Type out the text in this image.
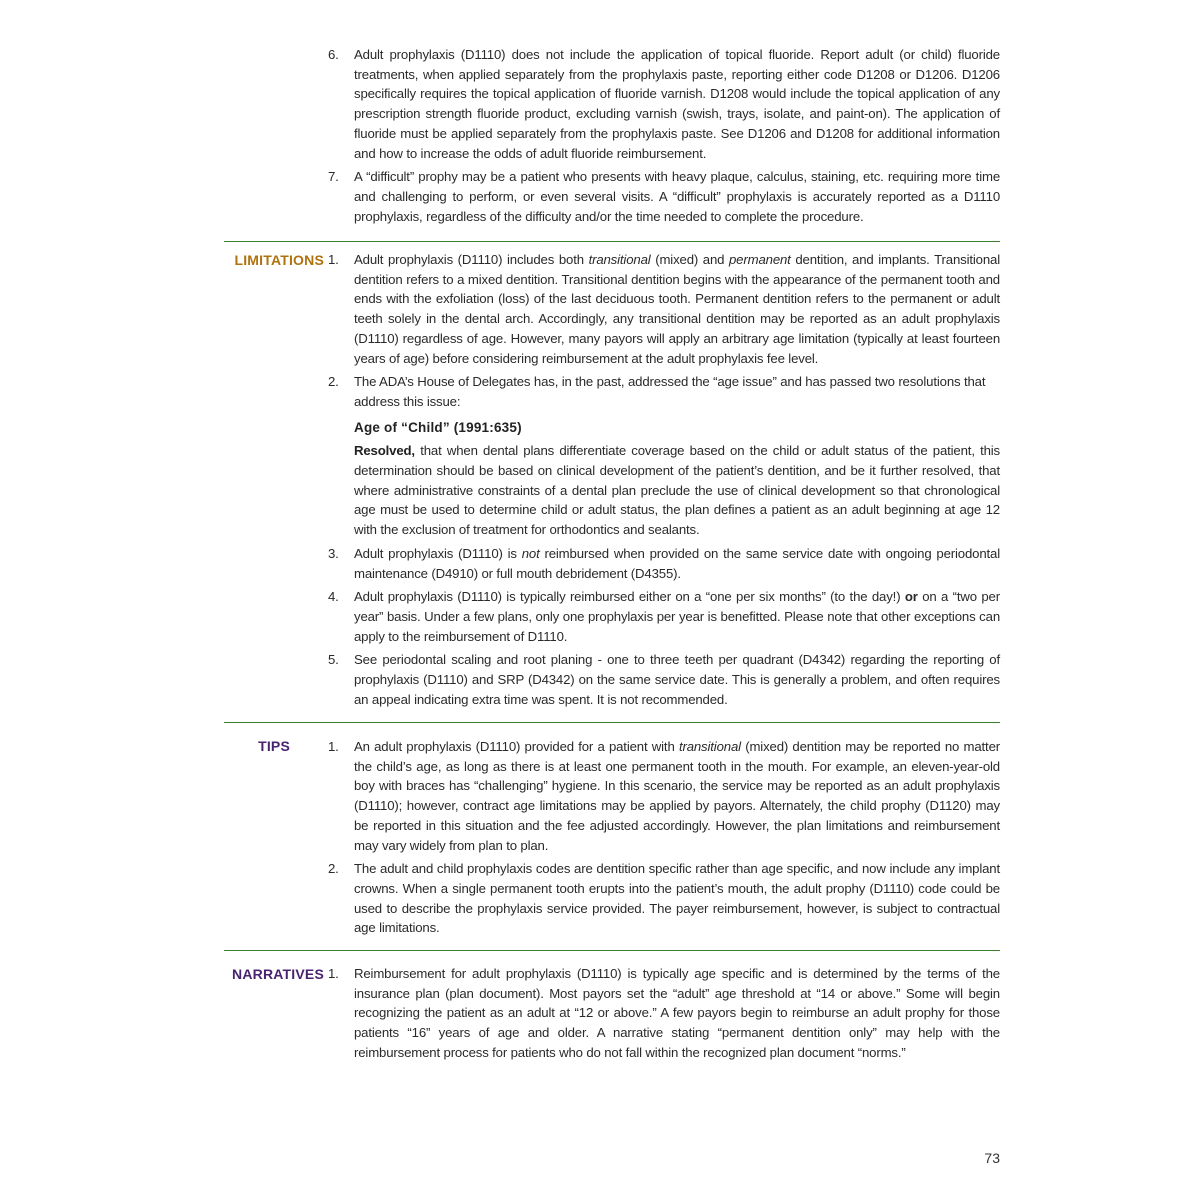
6. Adult prophylaxis (D1110) does not include the application of topical fluoride. Report adult (or child) fluoride treatments, when applied separately from the prophylaxis paste, reporting either code D1208 or D1206. D1206 specifically requires the topical application of fluoride varnish. D1208 would include the topical application of any prescription strength fluoride product, excluding varnish (swish, trays, isolate, and paint-on). The application of fluoride must be applied separately from the prophylaxis paste. See D1206 and D1208 for additional information and how to increase the odds of adult fluoride reimbursement.
7. A “difficult” prophy may be a patient who presents with heavy plaque, calculus, staining, etc. requiring more time and challenging to perform, or even several visits. A “difficult” prophylaxis is accurately reported as a D1110 prophylaxis, regardless of the difficulty and/or the time needed to complete the procedure.
LIMITATIONS 1. Adult prophylaxis (D1110) includes both transitional (mixed) and permanent dentition, and implants. Transitional dentition refers to a mixed dentition. Transitional dentition begins with the appearance of the permanent tooth and ends with the exfoliation (loss) of the last deciduous tooth. Permanent dentition refers to the permanent or adult teeth solely in the dental arch. Accordingly, any transitional dentition may be reported as an adult prophylaxis (D1110) regardless of age. However, many payors will apply an arbitrary age limitation (typically at least fourteen years of age) before considering reimbursement at the adult prophylaxis fee level.
2. The ADA’s House of Delegates has, in the past, addressed the “age issue” and has passed two resolutions that address this issue:
Age of “Child” (1991:635)
Resolved, that when dental plans differentiate coverage based on the child or adult status of the patient, this determination should be based on clinical development of the patient’s dentition, and be it further resolved, that where administrative constraints of a dental plan preclude the use of clinical development so that chronological age must be used to determine child or adult status, the plan defines a patient as an adult beginning at age 12 with the exclusion of treatment for orthodontics and sealants.
3. Adult prophylaxis (D1110) is not reimbursed when provided on the same service date with ongoing periodontal maintenance (D4910) or full mouth debridement (D4355).
4. Adult prophylaxis (D1110) is typically reimbursed either on a “one per six months” (to the day!) or on a “two per year” basis. Under a few plans, only one prophylaxis per year is benefitted. Please note that other exceptions can apply to the reimbursement of D1110.
5. See periodontal scaling and root planing - one to three teeth per quadrant (D4342) regarding the reporting of prophylaxis (D1110) and SRP (D4342) on the same service date. This is generally a problem, and often requires an appeal indicating extra time was spent. It is not recommended.
TIPS	1. An adult prophylaxis (D1110) provided for a patient with transitional (mixed) dentition may be reported no matter the child’s age, as long as there is at least one permanent tooth in the mouth. For example, an eleven-year-old boy with braces has “challenging” hygiene. In this scenario, the service may be reported as an adult prophylaxis (D1110); however, contract age limitations may be applied by payors. Alternately, the child prophy (D1120) may be reported in this situation and the fee adjusted accordingly. However, the plan limitations and reimbursement may vary widely from plan to plan.
2. The adult and child prophylaxis codes are dentition specific rather than age specific, and now include any implant crowns. When a single permanent tooth erupts into the patient’s mouth, the adult prophy (D1110) code could be used to describe the prophylaxis service provided. The payer reimbursement, however, is subject to contractual age limitations.
NARRATIVES 1. Reimbursement for adult prophylaxis (D1110) is typically age specific and is determined by the terms of the insurance plan (plan document). Most payors set the “adult” age threshold at “14 or above.” Some will begin recognizing the patient as an adult at “12 or above.” A few payors begin to reimburse an adult prophy for those patients “16” years of age and older. A narrative stating “permanent dentition only” may help with the reimbursement process for patients who do not fall within the recognized plan document “norms.”
73
